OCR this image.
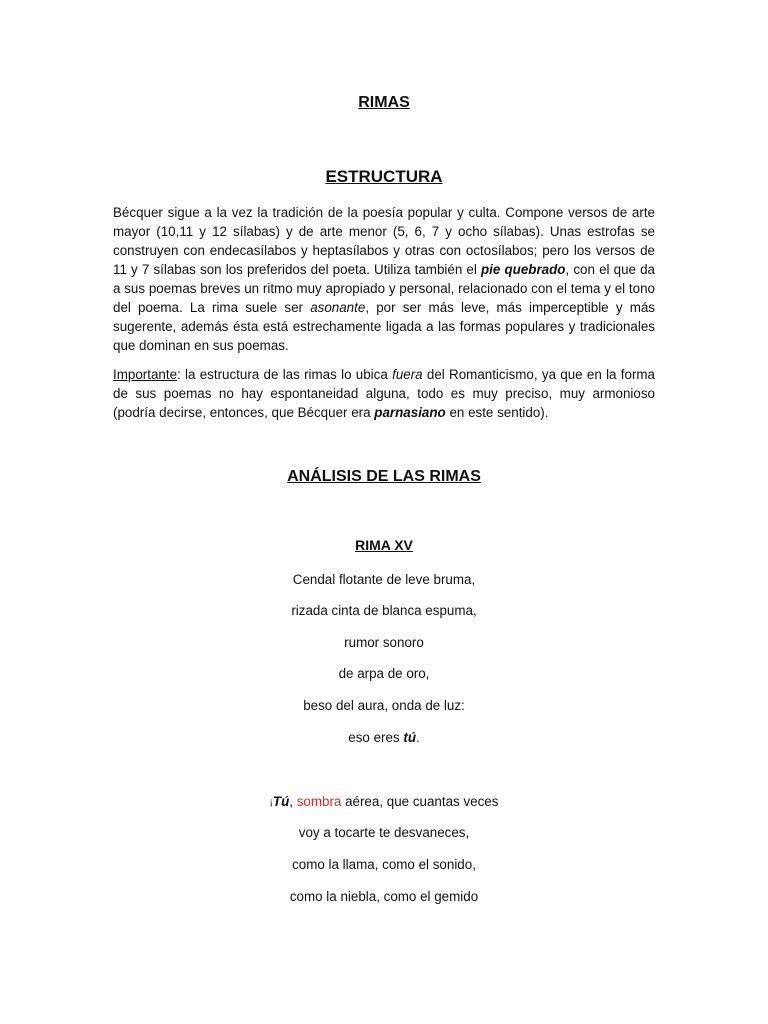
RIMAS
ESTRUCTURA

Bécquer sigue a la vez la tradición de la poesía popular y culta. Compone versos de arte mayor (10,11 y 12 sílabas) y de arte menor (5, 6, 7 y ocho sílabas). Unas estrofas se construyen con endecasílabos y heptasílabos y otras con octosílabos; pero los versos de 11 y 7 sílabas son los preferidos del poeta. Utiliza también el pie quebrado, con el que da a sus poemas breves un ritmo muy apropiado y personal, relacionado con el tema y el tono del poema. La rima suele ser asonante, por ser más leve, más imperceptible y más sugerente, además ésta está estrechamente ligada a las formas populares y tradicionales que dominan en sus poemas.

Importante: la estructura de las rimas lo ubica fuera del Romanticismo, ya que en la forma de sus poemas no hay espontaneidad alguna, todo es muy preciso, muy armonioso (podría decirse, entonces, que Bécquer era parnasiano en este sentido).

ANÁLISIS DE LAS RIMAS
RIMA XV

Cendal flotante de leve bruma,

rizada cinta de blanca espuma,

rumor sonoro

de arpa de oro,

beso del aura, onda de luz:

eso eres tú.

¡Tú, sombra aérea, que cuantas veces

voy a tocarte te desvaneces,

como la llama, como el sonido,

como la niebla, como el gemido
